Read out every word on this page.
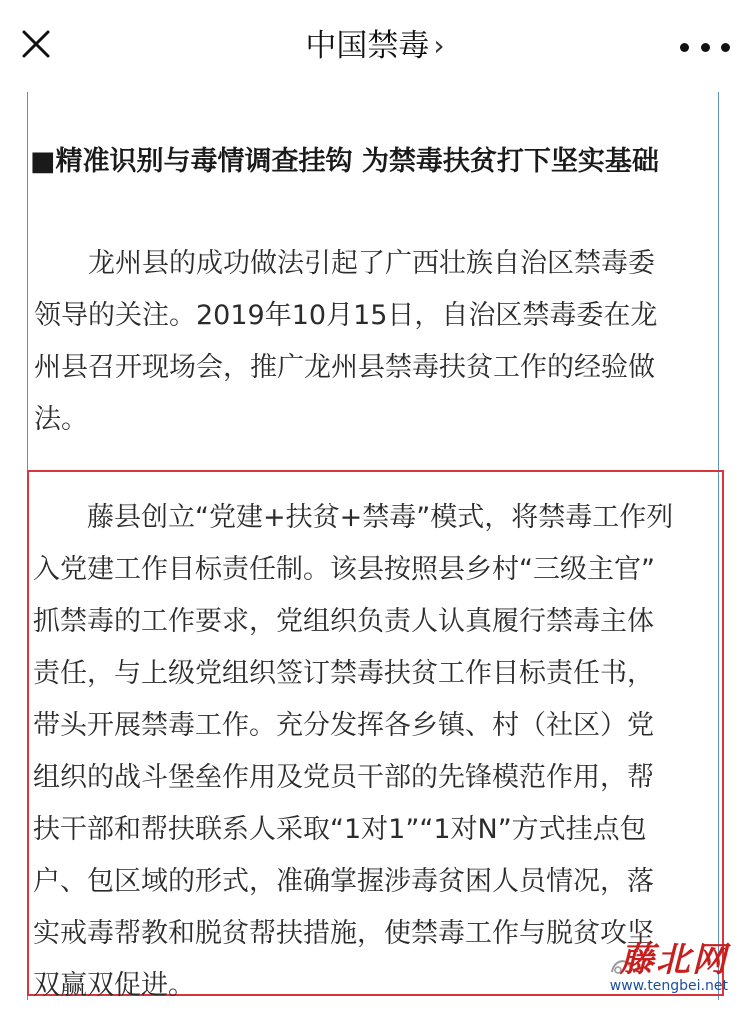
中国禁毒 ›
■精准识别与毒情调查挂钩 为禁毒扶贫打下坚实基础

龙州县的成功做法引起了广西壮族自治区禁毒委
领导的关注。2019年10月15日，自治区禁毒委在龙
州县召开现场会，推广龙州县禁毒扶贫工作的经验做
法。

藤县创立“党建+扶贫+禁毒”模式，将禁毒工作列
入党建工作目标责任制。该县按照县乡村“三级主官”
抓禁毒的工作要求，党组织负责人认真履行禁毒主体
责任，与上级党组织签订禁毒扶贫工作目标责任书，
带头开展禁毒工作。充分发挥各乡镇、村（社区）党
组织的战斗堡垒作用及党员干部的先锋模范作用，帮
扶干部和帮扶联系人采取“1对1”“1对N”方式挂点包
户、包区域的形式，准确掌握涉毒贫困人员情况，落
实戒毒帮教和脱贫帮扶措施，使禁毒工作与脱贫攻坚
双赢双促进。	藤北网
www.tengbei.net
